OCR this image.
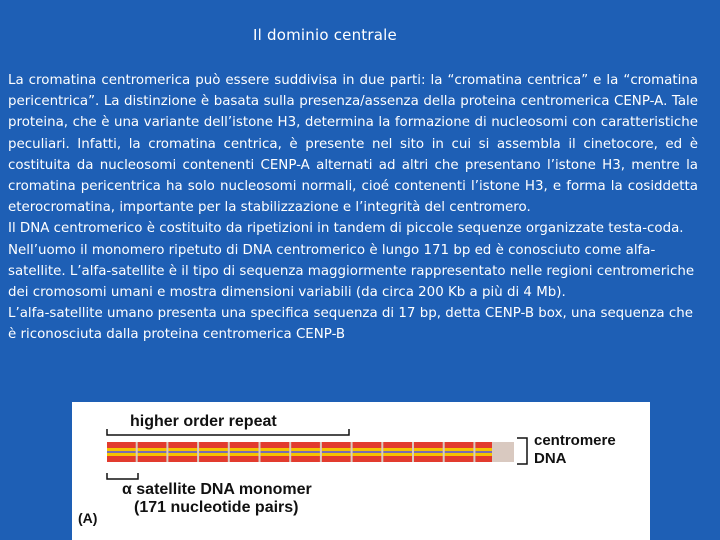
Il dominio centrale

La cromatina centromerica può essere suddivisa in due parti: la “cromatina centrica” e la “cromatina pericentrica”. La distinzione è basata sulla presenza/assenza della proteina centromerica CENP-A. Tale proteina, che è una variante dell’istone H3, determina la formazione di nucleosomi con caratteristiche peculiari. Infatti, la cromatina centrica, è presente nel sito in cui si assembla il cinetocore, ed è costituita da nucleosomi contenenti CENP-A alternati ad altri che presentano l’istone H3, mentre la cromatina pericentrica ha solo nucleosomi normali, cioé contenenti l’istone H3, e forma la cosiddetta eterocromatina, importante per la stabilizzazione e l’integrità del centromero.

Il DNA centromerico è costituito da ripetizioni in tandem di piccole sequenze organizzate testa-coda. Nell’uomo il monomero ripetuto di DNA centromerico è lungo 171 bp ed è conosciuto come alfa-satellite. L’alfa-satellite è il tipo di sequenza maggiormente rappresentato nelle regioni centromeriche dei cromosomi umani e mostra dimensioni variabili (da circa 200 Kb a più di 4 Mb).

L’alfa-satellite umano presenta una specifica sequenza di 17 bp, detta CENP-B box, una sequenza che è riconosciuta dalla proteina centromerica CENP-B

higher order repeat
centromere
DNA
α satellite DNA monomer
(171 nucleotide pairs)
(A)
